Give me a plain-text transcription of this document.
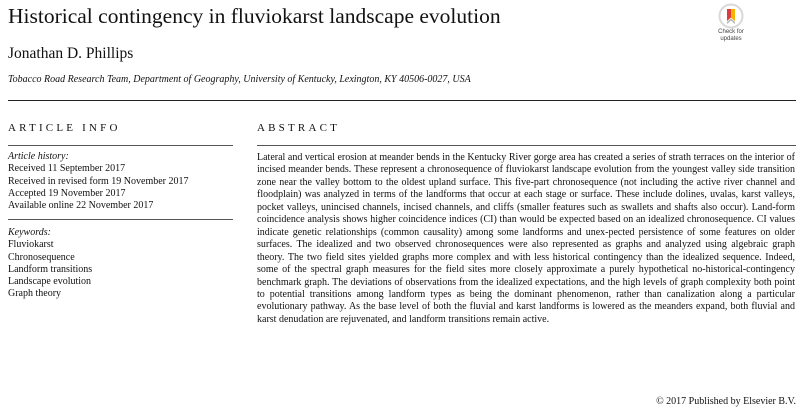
Historical contingency in fluviokarst landscape evolution
Check for
updates

Jonathan D. Phillips

Tobacco Road Research Team, Department of Geography, University of Kentucky, Lexington, KY 40506-0027, USA

ARTICLE INFO	ABSTRACT
Article history:
Received 11 September 2017
Received in revised form 19 November 2017
Accepted 19 November 2017
Available online 22 November 2017
Keywords:
Fluviokarst
Chronosequence
Landform transitions
Landscape evolution
Graph theory

Lateral and vertical erosion at meander bends in the Kentucky River gorge area has created a series of strath terraces on the interior of incised meander bends. These represent a chronosequence of fluviokarst landscape evolution from the youngest valley side transition zone near the valley bottom to the oldest upland surface. This five-part chronosequence (not including the active river channel and floodplain) was analyzed in terms of the landforms that occur at each stage or surface. These include dolines, uvalas, karst valleys, pocket valleys, unincised channels, incised channels, and cliffs (smaller features such as swallets and shafts also occur). Land-form coincidence analysis shows higher coincidence indices (CI) than would be expected based on an idealized chronosequence. CI values indicate genetic relationships (common causality) among some landforms and unex-pected persistence of some features on older surfaces. The idealized and two observed chronosequences were also represented as graphs and analyzed using algebraic graph theory. The two field sites yielded graphs more complex and with less historical contingency than the idealized sequence. Indeed, some of the spectral graph measures for the field sites more closely approximate a purely hypothetical no-historical-contingency benchmark graph. The deviations of observations from the idealized expectations, and the high levels of graph complexity both point to potential transitions among landform types as being the dominant phenomenon, rather than canalization along a particular evolutionary pathway. As the base level of both the fluvial and karst landforms is lowered as the meanders expand, both fluvial and karst denudation are rejuvenated, and landform transitions remain active.

© 2017 Published by Elsevier B.V.
